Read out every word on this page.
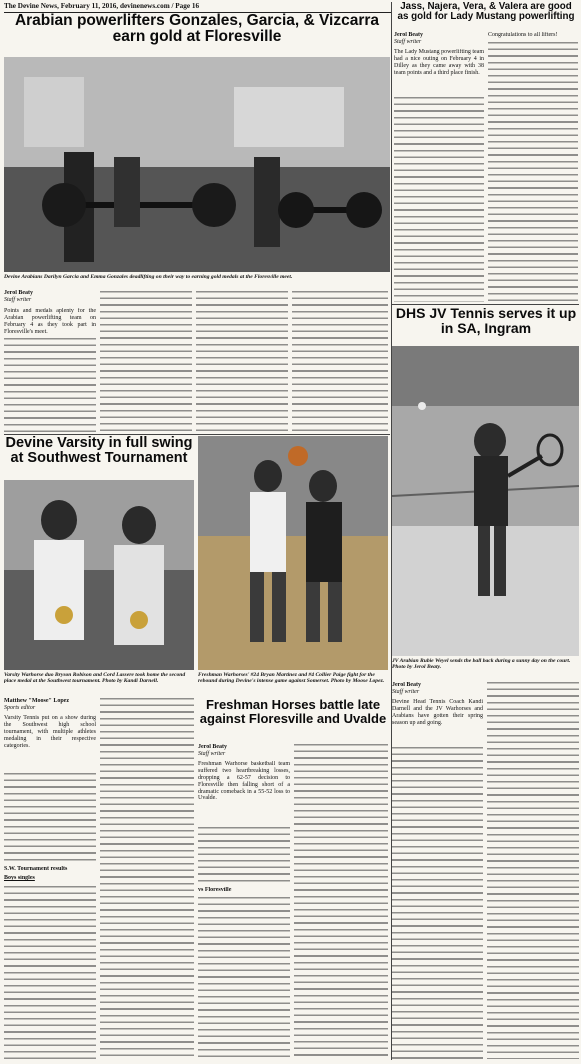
The Devine News, February 11, 2016, devinenews.com / Page 16
Arabian powerlifters Gonzales, Garcia, & Vizcarra earn gold at Floresville
Devine Arabians Darilyn Garcia and Emma Gonzales deadlifting on their way to earning gold medals at the Floresville meet.
Jerol Beaty
Staff writer
Points and medals aplenty for the Arabian powerlifting team on February 4 as they took part in Floresville's meet.
Jass, Najera, Vera, & Valera are good as gold for Lady Mustang powerlifting
Jerol Beaty
Staff writer
The Lady Mustang powerlifting team had a nice outing on February 4 in Dilley as they came away with 38 team points and a third place finish.
Congratulations to all lifters!
DHS JV Tennis serves it up in SA, Ingram
JV Arabian Rubie Weyel sends the ball back during a sunny day on the court. Photo by Jerol Beaty.
Jerol Beaty
Staff writer
Devine Head Tennis Coach Kandi Darnell and the JV Warhorses and Arabians have gotten their spring season up and going.
Devine Varsity in full swing at Southwest Tournament
Varsity Warhorse duo Bryson Robison and Cord Lassere took home the second place medal at the Southwest tournament. Photo by Kandi Darnell.
Freshman Warhorses' #24 Bryan Martinez and #4 Collier Paige fight for the rebound during Devine's intense game against Somerset. Photo by Moose Lopez.
Matthew "Moose" Lopez
Sports editor
Varsity Tennis put on a show during the Southwest high school tournament, with multiple athletes medaling in their respective categories.
S.W. Tournament results
Boys singles
Freshman Horses battle late against Floresville and Uvalde
Jerol Beaty
Staff writer
Freshman Warhorse basketball team suffered two heartbreaking losses, dropping a 62-57 decision to Floresville then falling short of a dramatic comeback in a 55-52 loss to Uvalde.
vs Floresville
